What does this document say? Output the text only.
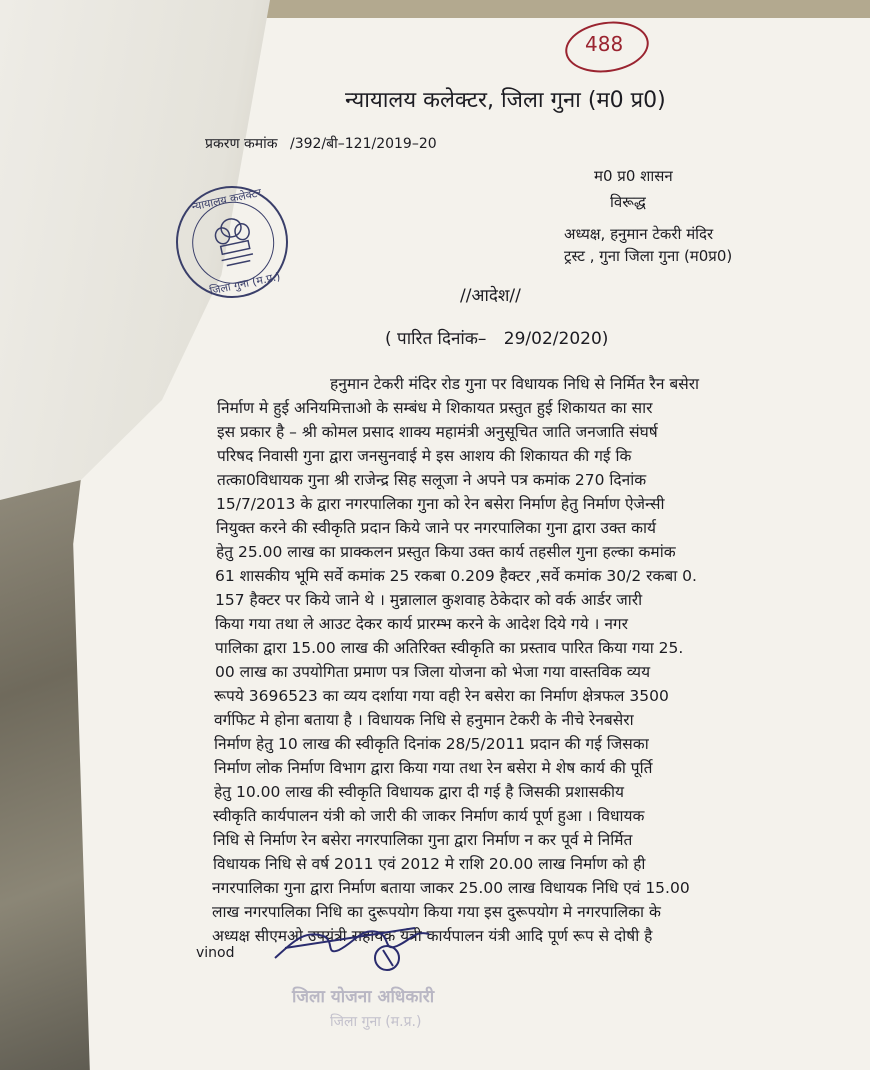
488
न्यायालय कलेक्टर, जिला गुना (म0 प्र0)
प्रकरण कमांक /392/बी–121/2019–20
म0 प्र0 शासन
विरूद्ध
अध्यक्ष, हनुमान टेकरी मंदिर
ट्रस्ट , गुना जिला गुना (म0प्र0)
न्यायालय कलेक्टर
जिला गुना (म.प्र.)	//आदेश//
( पारित दिनांक– 29/02/2020)
हनुमान टेकरी मंदिर रोड गुना पर विधायक निधि से निर्मित रैन बसेरा
निर्माण मे हुई अनियमित्ताओ के सम्बंध मे शिकायत प्रस्तुत हुई शिकायत का सार
इस प्रकार है – श्री कोमल प्रसाद शाक्य महामंत्री अनुसूचित जाति जनजाति संघर्ष
परिषद निवासी गुना द्वारा जनसुनवाई मे इस आशय की शिकायत की गई कि
तत्का0विधायक गुना श्री राजेन्द्र सिह सलूजा ने अपने पत्र कमांक 270 दिनांक
15/7/2013 के द्वारा नगरपालिका गुना को रेन बसेरा निर्माण हेतु निर्माण ऐजेन्सी
नियुक्त करने की स्वीकृति प्रदान किये जाने पर नगरपालिका गुना द्वारा उक्त कार्य
हेतु 25.00 लाख का प्राक्कलन प्रस्तुत किया उक्त कार्य तहसील गुना हल्का कमांक
61 शासकीय भूमि सर्वे कमांक 25 रकबा 0.209 हैक्टर ,सर्वे कमांक 30/2 रकबा 0.
157 हैक्टर पर किये जाने थे । मुन्नालाल कुशवाह ठेकेदार को वर्क आर्डर जारी
किया गया तथा ले आउट देकर कार्य प्रारम्भ करने के आदेश दिये गये । नगर
पालिका द्वारा 15.00 लाख की अतिरिक्त स्वीकृति का प्रस्ताव पारित किया गया 25.
00 लाख का उपयोगिता प्रमाण पत्र जिला योजना को भेजा गया वास्तविक व्यय
रूपये 3696523 का व्यय दर्शाया गया वही रेन बसेरा का निर्माण क्षेत्रफल 3500
वर्गफिट मे होना बताया है । विधायक निधि से हनुमान टेकरी के नीचे रेनबसेरा
निर्माण हेतु 10 लाख की स्वीकृति दिनांक 28/5/2011 प्रदान की गई जिसका
निर्माण लोक निर्माण विभाग द्वारा किया गया तथा रेन बसेरा मे शेष कार्य की पूर्ति
हेतु 10.00 लाख की स्वीकृति विधायक द्वारा दी गई है जिसकी प्रशासकीय
स्वीकृति कार्यपालन यंत्री को जारी की जाकर निर्माण कार्य पूर्ण हुआ । विधायक
निधि से निर्माण रेन बसेरा नगरपालिका गुना द्वारा निर्माण न कर पूर्व मे निर्मित
विधायक निधि से वर्ष 2011 एवं 2012 मे राशि 20.00 लाख निर्माण को ही
नगरपालिका गुना द्वारा निर्माण बताया जाकर 25.00 लाख विधायक निधि एवं 15.00
लाख नगरपालिका निधि का दुरूपयोग किया गया इस दुरूपयोग मे नगरपालिका के
अध्यक्ष सीएमओ उपयंत्री सहायक यंत्री कार्यपालन यंत्री आदि पूर्ण रूप से दोषी है
vinod
जिला योजना अधिकारी
जिला गुना (म.प्र.)
